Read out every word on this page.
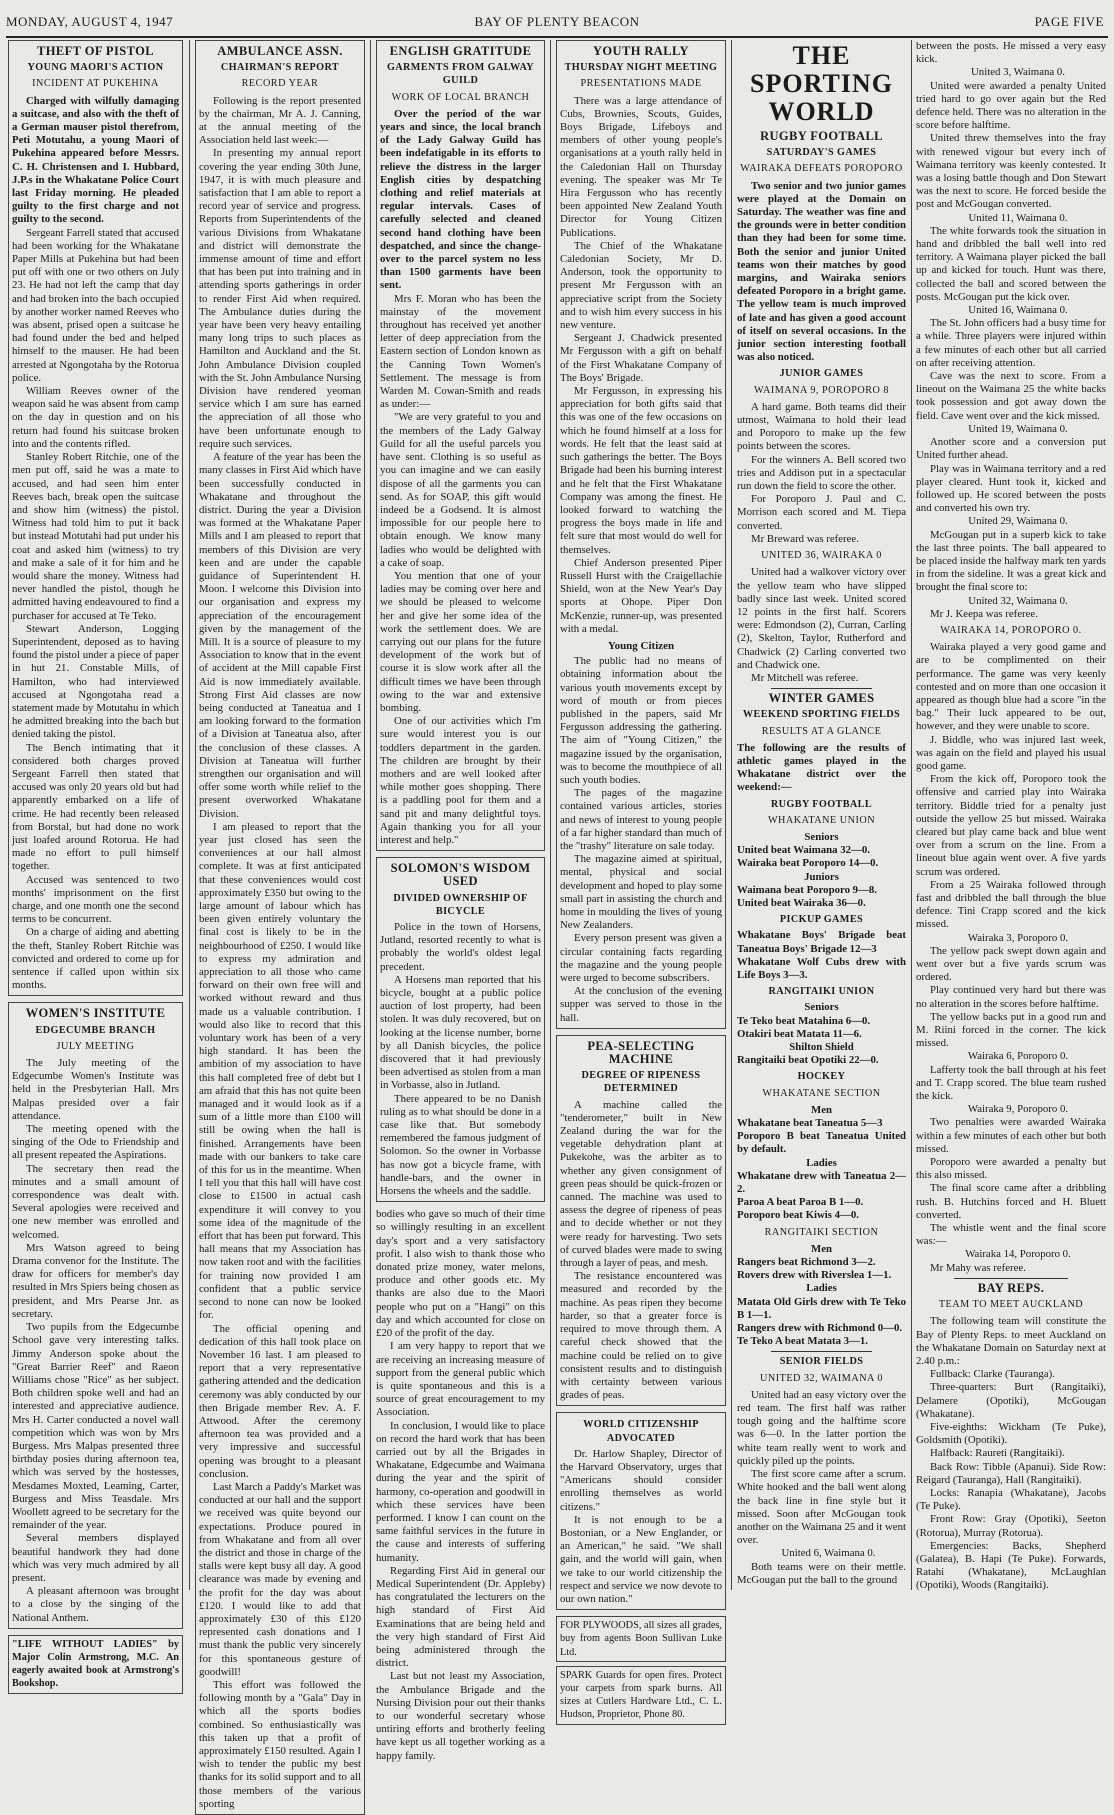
MONDAY, AUGUST 4, 1947	BAY OF PLENTY BEACON	PAGE FIVE
THEFT OF PISTOL
YOUNG MAORI'S ACTION
INCIDENT AT PUKEHINA

Charged with wilfully damaging a suitcase, and also with the theft of a German mauser pistol therefrom, Peti Motutahu, a young Maori of Pukehina appeared before Messrs. C. H. Christensen and I. Hubbard, J.P.s in the Whakatane Police Court last Friday morning. He pleaded guilty to the first charge and not guilty to the second.

Sergeant Farrell stated that accused had been working for the Whakatane Paper Mills at Pukehina but had been put off with one or two others on July 23. He had not left the camp that day and had broken into the bach occupied by another worker named Reeves who was absent, prised open a suitcase he had found under the bed and helped himself to the mauser. He had been arrested at Ngongotaha by the Rotorua police.

William Reeves owner of the weapon said he was absent from camp on the day in question and on his return had found his suitcase broken into and the contents rifled.

Stanley Robert Ritchie, one of the men put off, said he was a mate to accused, and had seen him enter Reeves bach, break open the suitcase and show him (witness) the pistol. Witness had told him to put it back but instead Motutahi had put under his coat and asked him (witness) to try and make a sale of it for him and he would share the money. Witness had never handled the pistol, though he admitted having endeavoured to find a purchaser for accused at Te Teko.

Stewart Anderson, Logging Superintendent, deposed as to having found the pistol under a piece of paper in hut 21. Constable Mills, of Hamilton, who had interviewed accused at Ngongotaha read a statement made by Motutahu in which he admitted breaking into the bach but denied taking the pistol.

The Bench intimating that it considered both charges proved Sergeant Farrell then stated that accused was only 20 years old but had apparently embarked on a life of crime. He had recently been released from Borstal, but had done no work just loafed around Rotorua. He had made no effort to pull himself together.

Accused was sentenced to two months' imprisonment on the first charge, and one month one the second terms to be concurrent.

On a charge of aiding and abetting the theft, Stanley Robert Ritchie was convicted and ordered to come up for sentence if called upon within six months.

WOMEN'S INSTITUTE
EDGECUMBE BRANCH
JULY MEETING

The July meeting of the Edgecumbe Women's Institute was held in the Presbyterian Hall. Mrs Malpas presided over a fair attendance.

The meeting opened with the singing of the Ode to Friendship and all present repeated the Aspirations.

The secretary then read the minutes and a small amount of correspondence was dealt with. Several apologies were received and one new member was enrolled and welcomed.

Mrs Watson agreed to being Drama convenor for the Institute. The draw for officers for member's day resulted in Mrs Spiers being chosen as president, and Mrs Pearse Jnr. as secretary.

Two pupils from the Edgecumbe School gave very interesting talks. Jimmy Anderson spoke about the "Great Barrier Reef" and Raeon Williams chose "Rice" as her subject. Both children spoke well and had an interested and appreciative audience. Mrs H. Carter conducted a novel wall competition which was won by Mrs Burgess. Mrs Malpas presented three birthday posies during afternoon tea, which was served by the hostesses, Mesdames Moxted, Leaming, Carter, Burgess and Miss Teasdale. Mrs Woollett agreed to be secretary for the remainder of the year.

Several members displayed beautiful handwork they had done which was very much admired by all present.

A pleasant afternoon was brought to a close by the singing of the National Anthem.

"LIFE WITHOUT LADIES" by Major Colin Armstrong, M.C. An eagerly awaited book at Armstrong's Bookshop.
AMBULANCE ASSN.
CHAIRMAN'S REPORT
RECORD YEAR

Following is the report presented by the chairman, Mr A. J. Canning, at the annual meeting of the Association held last week:—

In presenting my annual report covering the year ending 30th June, 1947, it is with much pleasure and satisfaction that I am able to report a record year of service and progress. Reports from Superintendents of the various Divisions from Whakatane and district will demonstrate the immense amount of time and effort that has been put into training and in attending sports gatherings in order to render First Aid when required. The Ambulance duties during the year have been very heavy entailing many long trips to such places as Hamilton and Auckland and the St. John Ambulance Division coupled with the St. John Ambulance Nursing Division have rendered yeoman service which I am sure has earned the appreciation of all those who have been unfortunate enough to require such services.

A feature of the year has been the many classes in First Aid which have been successfully conducted in Whakatane and throughout the district. During the year a Division was formed at the Whakatane Paper Mills and I am pleased to report that members of this Division are very keen and are under the capable guidance of Superintendent H. Moon. I welcome this Division into our organisation and express my appreciation of the encouragement given by the management of the Mill. It is a source of pleasure to my Association to know that in the event of accident at the Mill capable First Aid is now immediately available. Strong First Aid classes are now being conducted at Taneatua and I am looking forward to the formation of a Division at Taneatua also, after the conclusion of these classes. A Division at Taneatua will further strengthen our organisation and will offer some worth while relief to the present overworked Whakatane Division.

I am pleased to report that the year just closed has seen the conveniences at our hall almost complete. It was at first anticipated that these conveniences would cost approximately £350 but owing to the large amount of labour which has been given entirely voluntary the final cost is likely to be in the neighbourhood of £250. I would like to express my admiration and appreciation to all those who came forward on their own free will and worked without reward and thus made us a valuable contribution. I would also like to record that this voluntary work has been of a very high standard. It has been the ambition of my association to have this hall completed free of debt but I am afraid that this has not quite been managed and it would look as if a sum of a little more than £100 will still be owing when the hall is finished. Arrangements have been made with our bankers to take care of this for us in the meantime. When I tell you that this hall will have cost close to £1500 in actual cash expenditure it will convey to you some idea of the magnitude of the effort that has been put forward. This hall means that my Association has now taken root and with the facilities for training now provided I am confident that a public service second to none can now be looked for.

The official opening and dedication of this hall took place on November 16 last. I am pleased to report that a very representative gathering attended and the dedication ceremony was ably conducted by our then Brigade member Rev. A. F. Attwood. After the ceremony afternoon tea was provided and a very impressive and successful opening was brought to a pleasant conclusion.

Last March a Paddy's Market was conducted at our hall and the support we received was quite beyond our expectations. Produce poured in from Whakatane and from all over the district and those in charge of the stalls were kept busy all day. A good clearance was made by evening and the profit for the day was about £120. I would like to add that approximately £30 of this £120 represented cash donations and I must thank the public very sincerely for this spontaneous gesture of goodwill!

This effort was followed the following month by a "Gala" Day in which all the sports bodies combined. So enthusiastically was this taken up that a profit of approximately £150 resulted. Again I wish to tender the public my best thanks for its solid support and to all those members of the various sporting

ENGLISH GRATITUDE
GARMENTS FROM GALWAY GUILD
WORK OF LOCAL BRANCH

Over the period of the war years and since, the local branch of the Lady Galway Guild has been indefatigable in its efforts to relieve the distress in the larger English cities by despatching clothing and relief materials at regular intervals. Cases of carefully selected and cleaned second hand clothing have been despatched, and since the change-over to the parcel system no less than 1500 garments have been sent.

Mrs F. Moran who has been the mainstay of the movement throughout has received yet another letter of deep appreciation from the Eastern section of London known as the Canning Town Women's Settlement. The message is from Warden M. Cowan-Smith and reads as under:—

"We are very grateful to you and the members of the Lady Galway Guild for all the useful parcels you have sent. Clothing is so useful as you can imagine and we can easily dispose of all the garments you can send. As for SOAP, this gift would indeed be a Godsend. It is almost impossible for our people here to obtain enough. We know many ladies who would be delighted with a cake of soap.

You mention that one of your ladies may be coming over here and we should be pleased to welcome her and give her some idea of the work the settlement does. We are carrying out our plans for the future development of the work but of course it is slow work after all the difficult times we have been through owing to the war and extensive bombing.

One of our activities which I'm sure would interest you is our toddlers department in the garden. The children are brought by their mothers and are well looked after while mother goes shopping. There is a paddling pool for them and a sand pit and many delightful toys. Again thanking you for all your interest and help."

SOLOMON'S WISDOM USED
DIVIDED OWNERSHIP OF BICYCLE

Police in the town of Horsens, Jutland, resorted recently to what is probably the world's oldest legal precedent.

A Horsens man reported that his bicycle, bought at a public police auction of lost property, had been stolen. It was duly recovered, but on looking at the license number, borne by all Danish bicycles, the police discovered that it had previously been advertised as stolen from a man in Vorbasse, also in Jutland.

There appeared to be no Danish ruling as to what should be done in a case like that. But somebody remembered the famous judgment of Solomon. So the owner in Vorbasse has now got a bicycle frame, with handle-bars, and the owner in Horsens the wheels and the saddle.

bodies who gave so much of their time so willingly resulting in an excellent day's sport and a very satisfactory profit. I also wish to thank those who donated prize money, water melons, produce and other goods etc. My thanks are also due to the Maori people who put on a "Hangi" on this day and which accounted for close on £20 of the profit of the day.

I am very happy to report that we are receiving an increasing measure of support from the general public which is quite spontaneous and this is a source of great encouragement to my Association.

In conclusion, I would like to place on record the hard work that has been carried out by all the Brigades in Whakatane, Edgecumbe and Waimana during the year and the spirit of harmony, co-operation and goodwill in which these services have been performed. I know I can count on the same faithful services in the future in the cause and interests of suffering humanity.

Regarding First Aid in general our Medical Superintendent (Dr. Appleby) has congratulated the lecturers on the high standard of First Aid Examinations that are being held and the very high standard of First Aid being administered through the district.

Last but not least my Association, the Ambulance Brigade and the Nursing Division pour out their thanks to our wonderful secretary whose untiring efforts and brotherly feeling have kept us all together working as a happy family.

YOUTH RALLY
THURSDAY NIGHT MEETING
PRESENTATIONS MADE

There was a large attendance of Cubs, Brownies, Scouts, Guides, Boys Brigade, Lifeboys and members of other young people's organisations at a youth rally held in the Caledonian Hall on Thursday evening. The speaker was Mr Te Hira Fergusson who has recently been appointed New Zealand Youth Director for Young Citizen Publications.

The Chief of the Whakatane Caledonian Society, Mr D. Anderson, took the opportunity to present Mr Fergusson with an appreciative script from the Society and to wish him every success in his new venture.

Sergeant J. Chadwick presented Mr Fergusson with a gift on behalf of the First Whakatane Company of The Boys' Brigade.

Mr Fergusson, in expressing his appreciation for both gifts said that this was one of the few occasions on which he found himself at a loss for words. He felt that the least said at such gatherings the better. The Boys Brigade had been his burning interest and he felt that the First Whakatane Company was among the finest. He looked forward to watching the progress the boys made in life and felt sure that most would do well for themselves.

Chief Anderson presented Piper Russell Hurst with the Craigellachie Shield, won at the New Year's Day sports at Ohope. Piper Don McKenzie, runner-up, was presented with a medal.

Young Citizen

The public had no means of obtaining information about the various youth movements except by word of mouth or from pieces published in the papers, said Mr Fergusson addressing the gathering. The aim of "Young Citizen," the magazine issued by the organisation, was to become the mouthpiece of all such youth bodies.

The pages of the magazine contained various articles, stories and news of interest to young people of a far higher standard than much of the "trashy" literature on sale today.

The magazine aimed at spiritual, mental, physical and social development and hoped to play some small part in assisting the church and home in moulding the lives of young New Zealanders.

Every person present was given a circular containing facts regarding the magazine and the young people were urged to become subscribers.

At the conclusion of the evening supper was served to those in the hall.

PEA-SELECTING MACHINE
DEGREE OF RIPENESS DETERMINED

A machine called the "tenderometer," built in New Zealand during the war for the vegetable dehydration plant at Pukekohe, was the arbiter as to whether any given consignment of green peas should be quick-frozen or canned. The machine was used to assess the degree of ripeness of peas and to decide whether or not they were ready for harvesting. Two sets of curved blades were made to swing through a layer of peas, and mesh.

The resistance encountered was measured and recorded by the machine. As peas ripen they become harder, so that a greater force is required to move through them. A careful check showed that the machine could be relied on to give consistent results and to distinguish with certainty between various grades of peas.

WORLD CITIZENSHIP ADVOCATED

Dr. Harlow Shapley, Director of the Harvard Observatory, urges that "Americans should consider enrolling themselves as world citizens."

It is not enough to be a Bostonian, or a New Englander, or an American," he said. "We shall gain, and the world will gain, when we take to our world citizenship the respect and service we now devote to our own nation."

FOR PLYWOODS, all sizes all grades, buy from agents Boon Sullivan Luke Ltd.
SPARK Guards for open fires. Protect your carpets from spark burns. All sizes at Cutlers Hardware Ltd., C. L. Hudson, Proprietor, Phone 80.
THE SPORTING WORLD
RUGBY FOOTBALL
SATURDAY'S GAMES
WAIRAKA DEFEATS POROPORO

Two senior and two junior games were played at the Domain on Saturday. The weather was fine and the grounds were in better condition than they had been for some time. Both the senior and junior United teams won their matches by good margins, and Wairaka seniors defeated Poroporo in a bright game. The yellow team is much improved of late and has given a good account of itself on several occasions. In the junior section interesting football was also noticed.

JUNIOR GAMES
WAIMANA 9, POROPORO 8

A hard game. Both teams did their utmost, Waimana to hold their lead and Poroporo to make up the few points between the scores.

For the winners A. Bell scored two tries and Addison put in a spectacular run down the field to score the other.

For Poroporo J. Paul and C. Morrison each scored and M. Tiepa converted.

Mr Breward was referee.

UNITED 36, WAIRAKA 0

United had a walkover victory over the yellow team who have slipped badly since last week. United scored 12 points in the first half. Scorers were: Edmondson (2), Curran, Carling (2), Skelton, Taylor, Rutherford and Chadwick (2) Carling converted two and Chadwick one.

Mr Mitchell was referee.

WINTER GAMES
WEEKEND SPORTING FIELDS
RESULTS AT A GLANCE

The following are the results of athletic games played in the Whakatane district over the weekend:—

RUGBY FOOTBALL
WHAKATANE UNION
Seniors

United beat Waimana 32—0.

Wairaka beat Poroporo 14—0.

Juniors

Waimana beat Poroporo 9—8.

United beat Wairaka 36—0.

PICKUP GAMES

Whakatane Boys' Brigade beat Taneatua Boys' Brigade 12—3

Whakatane Wolf Cubs drew with Life Boys 3—3.

RANGITAIKI UNION
Seniors

Te Teko beat Matahina 6—0.

Otakiri beat Matata 11—6.

Shilton Shield

Rangitaiki beat Opotiki 22—0.

HOCKEY
WHAKATANE SECTION
Men

Whakatane beat Taneatua 5—3

Poroporo B beat Taneatua United by default.

Ladies

Whakatane drew with Taneatua 2—2.

Paroa A beat Paroa B 1—0.

Poroporo beat Kiwis 4—0.

RANGITAIKI SECTION
Men

Rangers beat Richmond 3—2.

Rovers drew with Riverslea 1—1.

Ladies

Matata Old Girls drew with Te Teko B 1—1.

Rangers drew with Richmond 0—0.

Te Teko A beat Matata 3—1.

SENIOR FIELDS
UNITED 32, WAIMANA 0

United had an easy victory over the red team. The first half was rather tough going and the halftime score was 6—0. In the latter portion the white team really went to work and quickly piled up the points.

The first score came after a scrum. White hooked and the ball went along the back line in fine style but it missed. Soon after McGougan took another on the Waimana 25 and it went over.

United 6, Waimana 0.

Both teams were on their mettle. McGougan put the ball to the ground

between the posts. He missed a very easy kick.

United 3, Waimana 0.

United were awarded a penalty United tried hard to go over again but the Red defence held. There was no alteration in the score before halftime.

United threw themselves into the fray with renewed vigour but every inch of Waimana territory was keenly contested. It was a losing battle though and Don Stewart was the next to score. He forced beside the post and McGougan converted.

United 11, Waimana 0.

The white forwards took the situation in hand and dribbled the ball well into red territory. A Waimana player picked the ball up and kicked for touch. Hunt was there, collected the ball and scored between the posts. McGougan put the kick over.

United 16, Waimana 0.

The St. John officers had a busy time for a while. Three players were injured within a few minutes of each other but all carried on after receiving attention.

Cave was the next to score. From a lineout on the Waimana 25 the white backs took possession and got away down the field. Cave went over and the kick missed.

United 19, Waimana 0.

Another score and a conversion put United further ahead.

Play was in Waimana territory and a red player cleared. Hunt took it, kicked and followed up. He scored between the posts and converted his own try.

United 29, Waimana 0.

McGougan put in a superb kick to take the last three points. The ball appeared to be placed inside the halfway mark ten yards in from the sideline. It was a great kick and brought the final score to:

United 32, Waimana 0.

Mr J. Keepa was referee.

WAIRAKA 14, POROPORO 0.

Wairaka played a very good game and are to be complimented on their performance. The game was very keenly contested and on more than one occasion it appeared as though blue had a score "in the bag." Their luck appeared to be out, however, and they were unable to score.

J. Biddle, who was injured last week, was again on the field and played his usual good game.

From the kick off, Poroporo took the offensive and carried play into Wairaka territory. Biddle tried for a penalty just outside the yellow 25 but missed. Wairaka cleared but play came back and blue went over from a scrum on the line. From a lineout blue again went over. A five yards scrum was ordered.

From a 25 Wairaka followed through fast and dribbled the ball through the blue defence. Tini Crapp scored and the kick missed.

Wairaka 3, Poroporo 0.

The yellow pack swept down again and went over but a five yards scrum was ordered.

Play continued very hard but there was no alteration in the scores before halftime.

The yellow backs put in a good run and M. Riini forced in the corner. The kick missed.

Wairaka 6, Poroporo 0.

Lafferty took the ball through at his feet and T. Crapp scored. The blue team rushed the kick.

Wairaka 9, Poroporo 0.

Two penalties were awarded Wairaka within a few minutes of each other but both missed.

Poroporo were awarded a penalty but this also missed.

The final score came after a dribbling rush. B. Hutchins forced and H. Bluett converted.

The whistle went and the final score was:—

Wairaka 14, Poroporo 0.

Mr Mahy was referee.

BAY REPS.
TEAM TO MEET AUCKLAND

The following team will constitute the Bay of Plenty Reps. to meet Auckland on the Whakatane Domain on Saturday next at 2.40 p.m.:

Fullback: Clarke (Tauranga).

Three-quarters: Burt (Rangitaiki), Delamere (Opotiki), McGougan (Whakatane).

Five-eighths: Wickham (Te Puke), Goldsmith (Opotiki).

Halfback: Raureti (Rangitaiki).

Back Row: Tibble (Apanui). Side Row: Reigard (Tauranga), Hall (Rangitaiki).

Locks: Ranapia (Whakatane), Jacobs (Te Puke).

Front Row: Gray (Opotiki), Seeton (Rotorua), Murray (Rotorua).

Emergencies: Backs, Shepherd (Galatea), B. Hapi (Te Puke). Forwards, Ratahi (Whakatane), McLaughlan (Opotiki), Woods (Rangitaiki).
